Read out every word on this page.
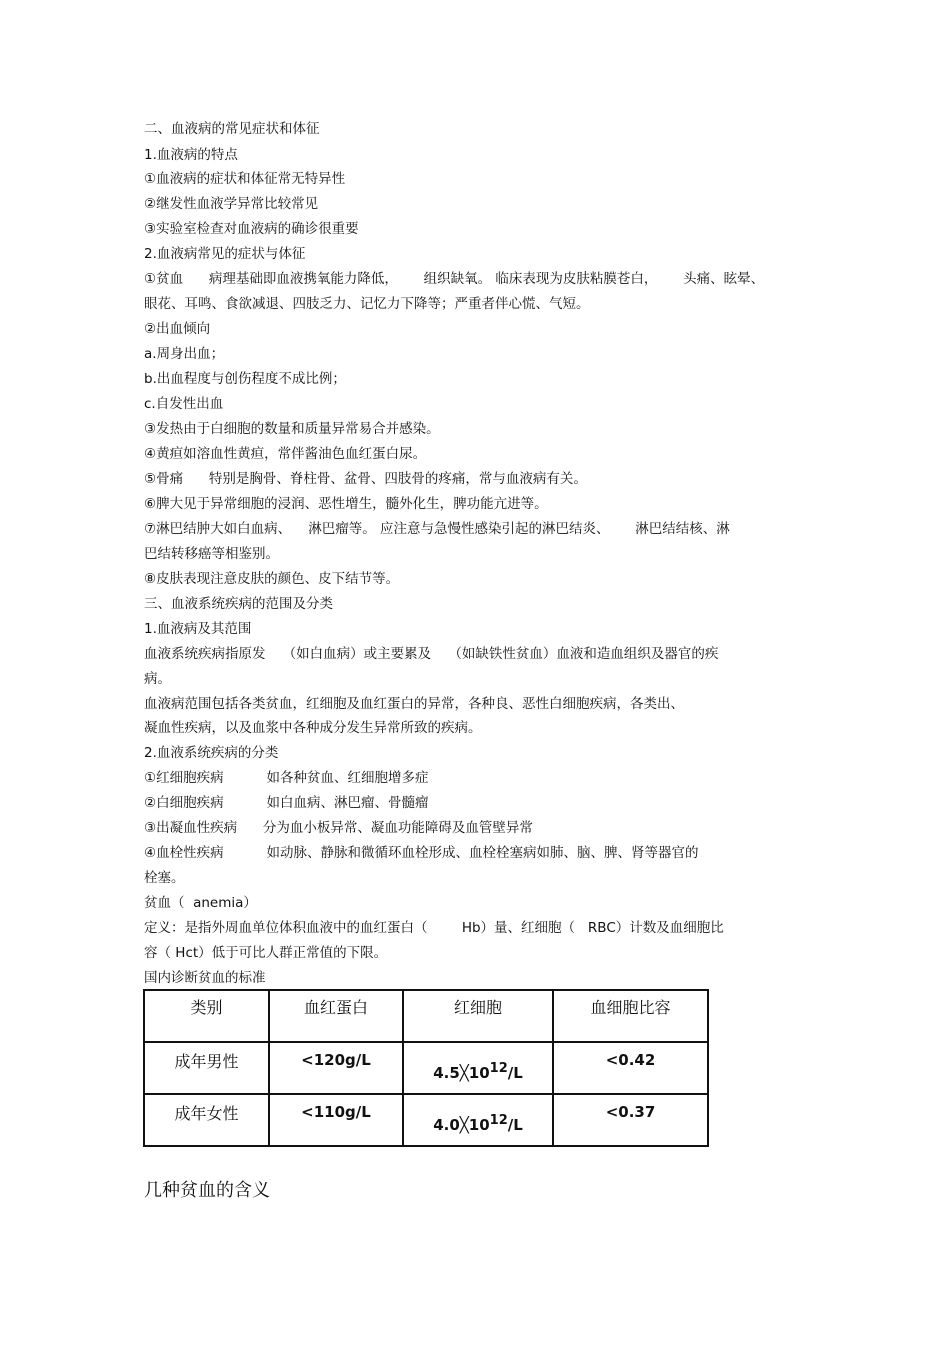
二、血液病的常见症状和体征
1.血液病的特点
①血液病的症状和体征常无特异性
②继发性血液学异常比较常见
③实验室检查对血液病的确诊很重要
2.血液病常见的症状与体征
①贫血      病理基础即血液携氧能力降低，      组织缺氧。 临床表现为皮肤粘膜苍白，      头痛、眩晕、
眼花、耳鸣、食欲减退、四肢乏力、记忆力下降等；严重者伴心慌、气短。
②出血倾向
a.周身出血；
b.出血程度与创伤程度不成比例；
c.自发性出血
③发热由于白细胞的数量和质量异常易合并感染。
④黄疸如溶血性黄疸，常伴酱油色血红蛋白尿。
⑤骨痛      特别是胸骨、脊柱骨、盆骨、四肢骨的疼痛，常与血液病有关。
⑥脾大见于异常细胞的浸润、恶性增生，髓外化生，脾功能亢进等。
⑦淋巴结肿大如白血病、    淋巴瘤等。 应注意与急慢性感染引起的淋巴结炎、      淋巴结结核、淋
巴结转移癌等相鉴别。
⑧皮肤表现注意皮肤的颜色、皮下结节等。
三、血液系统疾病的范围及分类
1.血液病及其范围
血液系统疾病指原发    （如白血病）或主要累及    （如缺铁性贫血）血液和造血组织及器官的疾
病。
血液病范围包括各类贫血，红细胞及血红蛋白的异常，各种良、恶性白细胞疾病，各类出、
凝血性疾病，以及血浆中各种成分发生异常所致的疾病。
2.血液系统疾病的分类
①红细胞疾病          如各种贫血、红细胞增多症
②白细胞疾病          如白血病、淋巴瘤、骨髓瘤
③出凝血性疾病      分为血小板异常、凝血功能障碍及血管壁异常
④血栓性疾病          如动脉、静脉和微循环血栓形成、血栓栓塞病如肺、脑、脾、肾等器官的
栓塞。
贫血（  anemia）
定义：是指外周血单位体积血液中的血红蛋白（        Hb）量、红细胞（   RBC）计数及血细胞比
容（ Hct）低于可比人群正常值的下限。
国内诊断贫血的标准
类别	血红蛋白	红细胞	血细胞比容

成年男性	<120g/L	$4.5╳10^{12}/L$	<0.42

成年女性	<110g/L	$4.0╳10^{12}/L$	<0.37
几种贫血的含义
